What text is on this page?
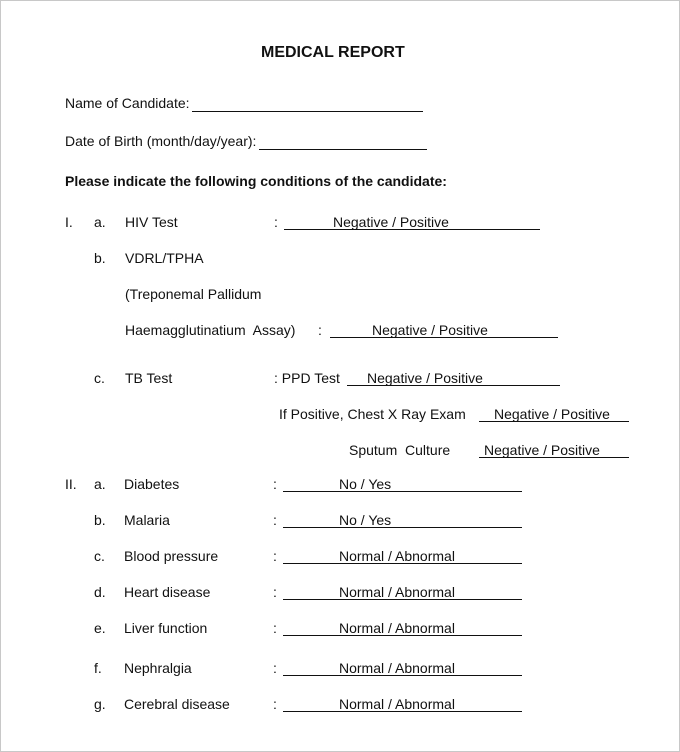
MEDICAL REPORT
Name of Candidate:
Date of Birth (month/day/year):
Please indicate the following conditions of the candidate:
I. a. HIV Test	:	Negative / Positive
b. VDRL/TPHA
(Treponemal Pallidum
Haemagglutinatium  Assay) :	Negative / Positive
c. TB Test	: PPD Test	Negative / Positive
If Positive, Chest X Ray Exam	Negative / Positive
Sputum  Culture	Negative / Positive
II. a. Diabetes	:	No / Yes
b. Malaria	:	No / Yes
c. Blood pressure	:	Normal / Abnormal
d. Heart disease	:	Normal / Abnormal
e. Liver function	:	Normal / Abnormal
f. Nephralgia	:	Normal / Abnormal
g. Cerebral disease	:	Normal / Abnormal
